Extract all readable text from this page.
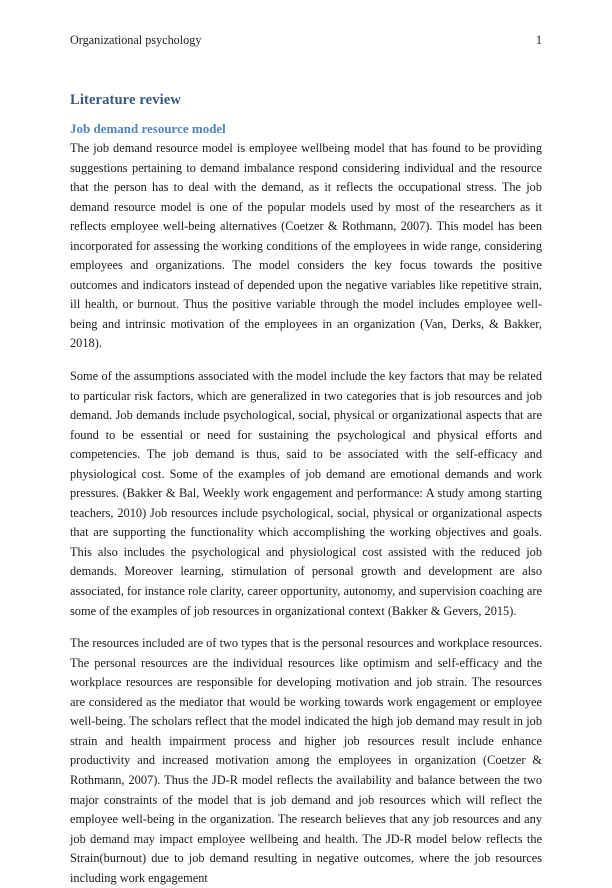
Organizational psychology	1
Literature review
Job demand resource model

The job demand resource model is employee wellbeing model that has found to be providing suggestions pertaining to demand imbalance respond considering individual and the resource that the person has to deal with the demand, as it reflects the occupational stress. The job demand resource model is one of the popular models used by most of the researchers as it reflects employee well-being alternatives (Coetzer & Rothmann, 2007). This model has been incorporated for assessing the working conditions of the employees in wide range, considering employees and organizations. The model considers the key focus towards the positive outcomes and indicators instead of depended upon the negative variables like repetitive strain, ill health, or burnout. Thus the positive variable through the model includes employee well-being and intrinsic motivation of the employees in an organization (Van, Derks, & Bakker, 2018).

Some of the assumptions associated with the model include the key factors that may be related to particular risk factors, which are generalized in two categories that is job resources and job demand. Job demands include psychological, social, physical or organizational aspects that are found to be essential or need for sustaining the psychological and physical efforts and competencies. The job demand is thus, said to be associated with the self-efficacy and physiological cost. Some of the examples of job demand are emotional demands and work pressures. (Bakker & Bal, Weekly work engagement and performance: A study among starting teachers, 2010) Job resources include psychological, social, physical or organizational aspects that are supporting the functionality which accomplishing the working objectives and goals. This also includes the psychological and physiological cost assisted with the reduced job demands. Moreover learning, stimulation of personal growth and development are also associated, for instance role clarity, career opportunity, autonomy, and supervision coaching are some of the examples of job resources in organizational context (Bakker & Gevers, 2015).

The resources included are of two types that is the personal resources and workplace resources. The personal resources are the individual resources like optimism and self-efficacy and the workplace resources are responsible for developing motivation and job strain. The resources are considered as the mediator that would be working towards work engagement or employee well-being. The scholars reflect that the model indicated the high job demand may result in job strain and health impairment process and higher job resources result include enhance productivity and increased motivation among the employees in organization (Coetzer & Rothmann, 2007). Thus the JD-R model reflects the availability and balance between the two major constraints of the model that is job demand and job resources which will reflect the employee well-being in the organization. The research believes that any job resources and any job demand may impact employee wellbeing and health. The JD-R model below reflects the Strain(burnout) due to job demand resulting in negative outcomes, where the job resources including work engagement
